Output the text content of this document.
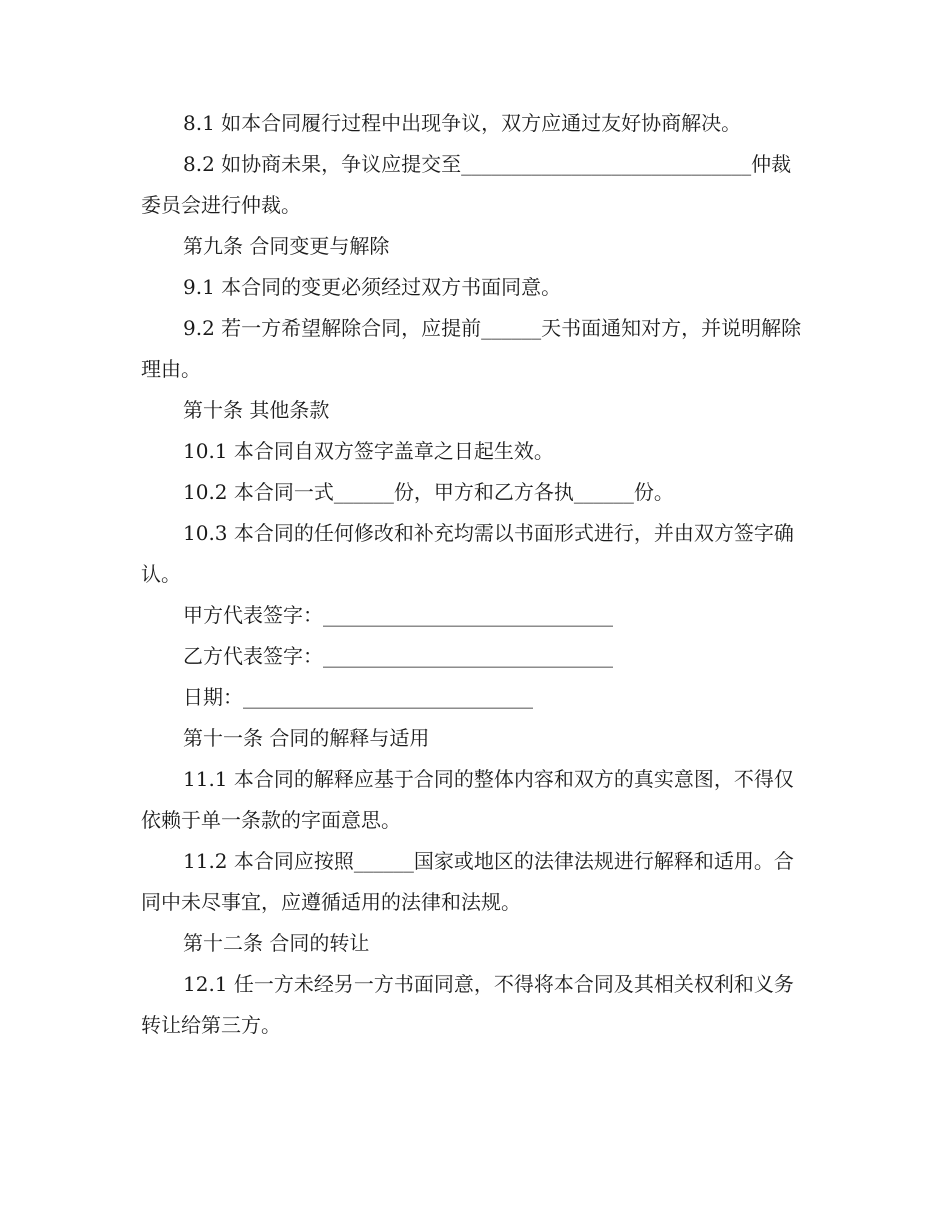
8.1 如本合同履行过程中出现争议，双方应通过友好协商解决。

8.2 如协商未果，争议应提交至_____________________________仲裁委员会进行仲裁。

第九条 合同变更与解除

9.1 本合同的变更必须经过双方书面同意。

9.2 若一方希望解除合同，应提前______天书面通知对方，并说明解除理由。

第十条 其他条款

10.1 本合同自双方签字盖章之日起生效。

10.2 本合同一式______份，甲方和乙方各执______份。

10.3 本合同的任何修改和补充均需以书面形式进行，并由双方签字确认。

甲方代表签字：_____________________________

乙方代表签字：_____________________________

日期：_____________________________

第十一条 合同的解释与适用

11.1 本合同的解释应基于合同的整体内容和双方的真实意图，不得仅依赖于单一条款的字面意思。

11.2 本合同应按照______国家或地区的法律法规进行解释和适用。合同中未尽事宜，应遵循适用的法律和法规。

第十二条 合同的转让

12.1 任一方未经另一方书面同意，不得将本合同及其相关权利和义务转让给第三方。
